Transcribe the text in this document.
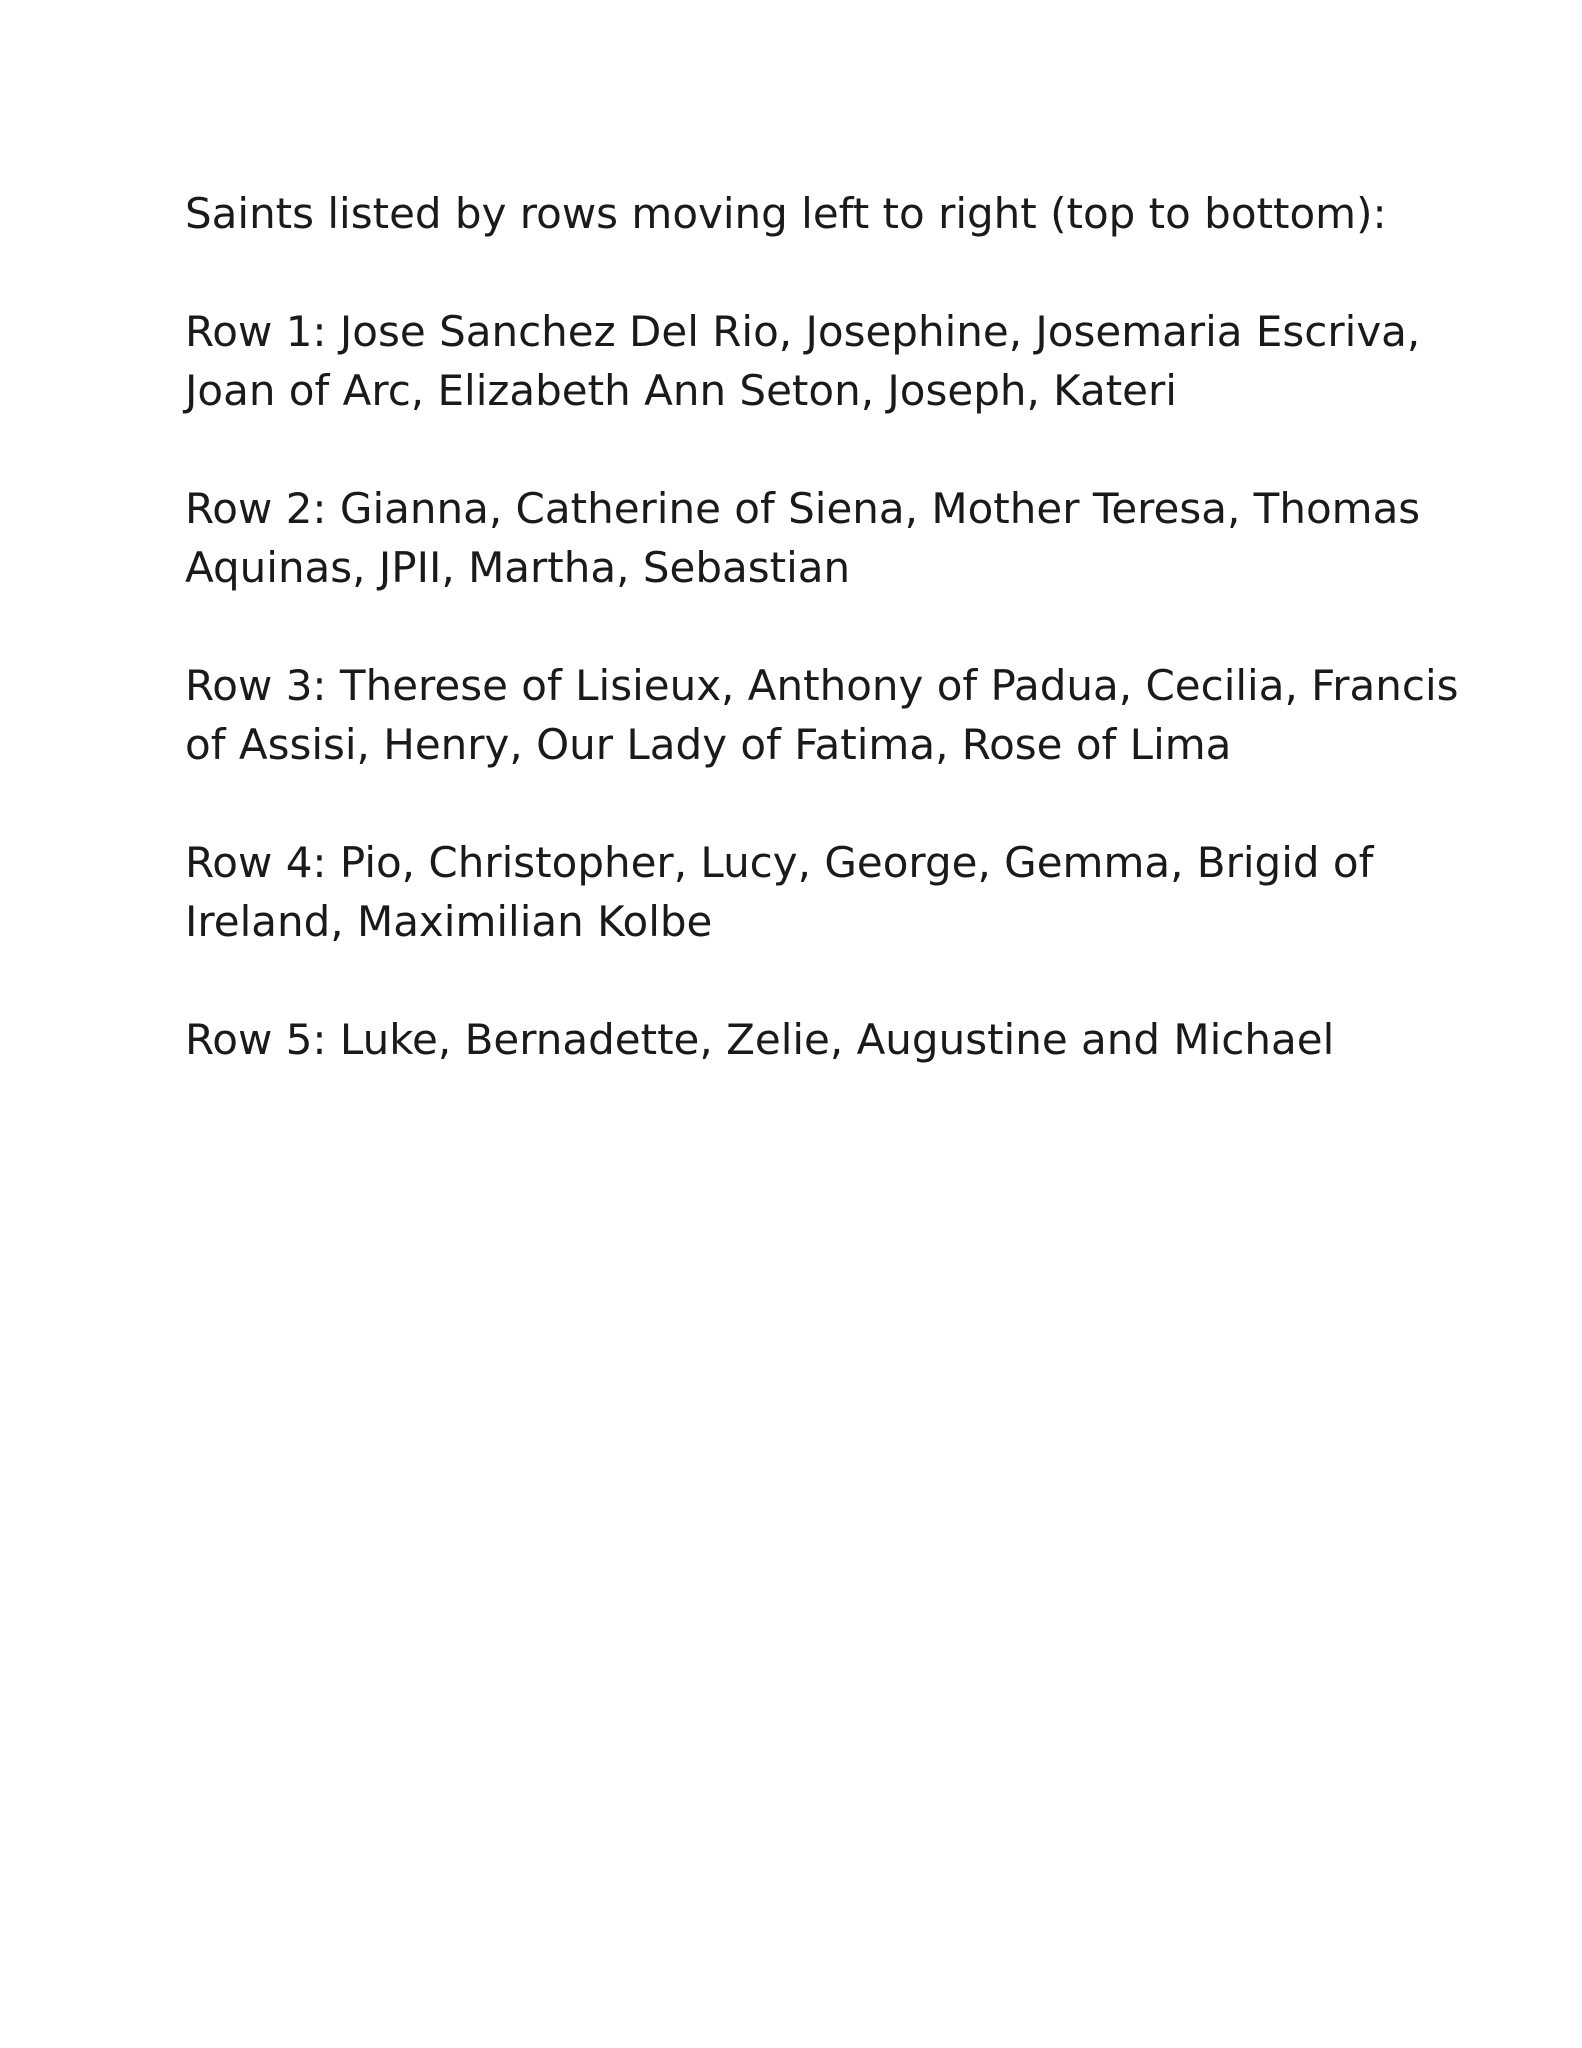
Saints listed by rows moving left to right (top to bottom):

Row 1: Jose Sanchez Del Rio, Josephine, Josemaria Escriva,
Joan of Arc, Elizabeth Ann Seton, Joseph, Kateri

Row 2: Gianna, Catherine of Siena, Mother Teresa, Thomas
Aquinas, JPII, Martha, Sebastian

Row 3: Therese of Lisieux, Anthony of Padua, Cecilia, Francis
of Assisi, Henry, Our Lady of Fatima, Rose of Lima

Row 4: Pio, Christopher, Lucy, George, Gemma, Brigid of
Ireland, Maximilian Kolbe

Row 5: Luke, Bernadette, Zelie, Augustine and Michael
